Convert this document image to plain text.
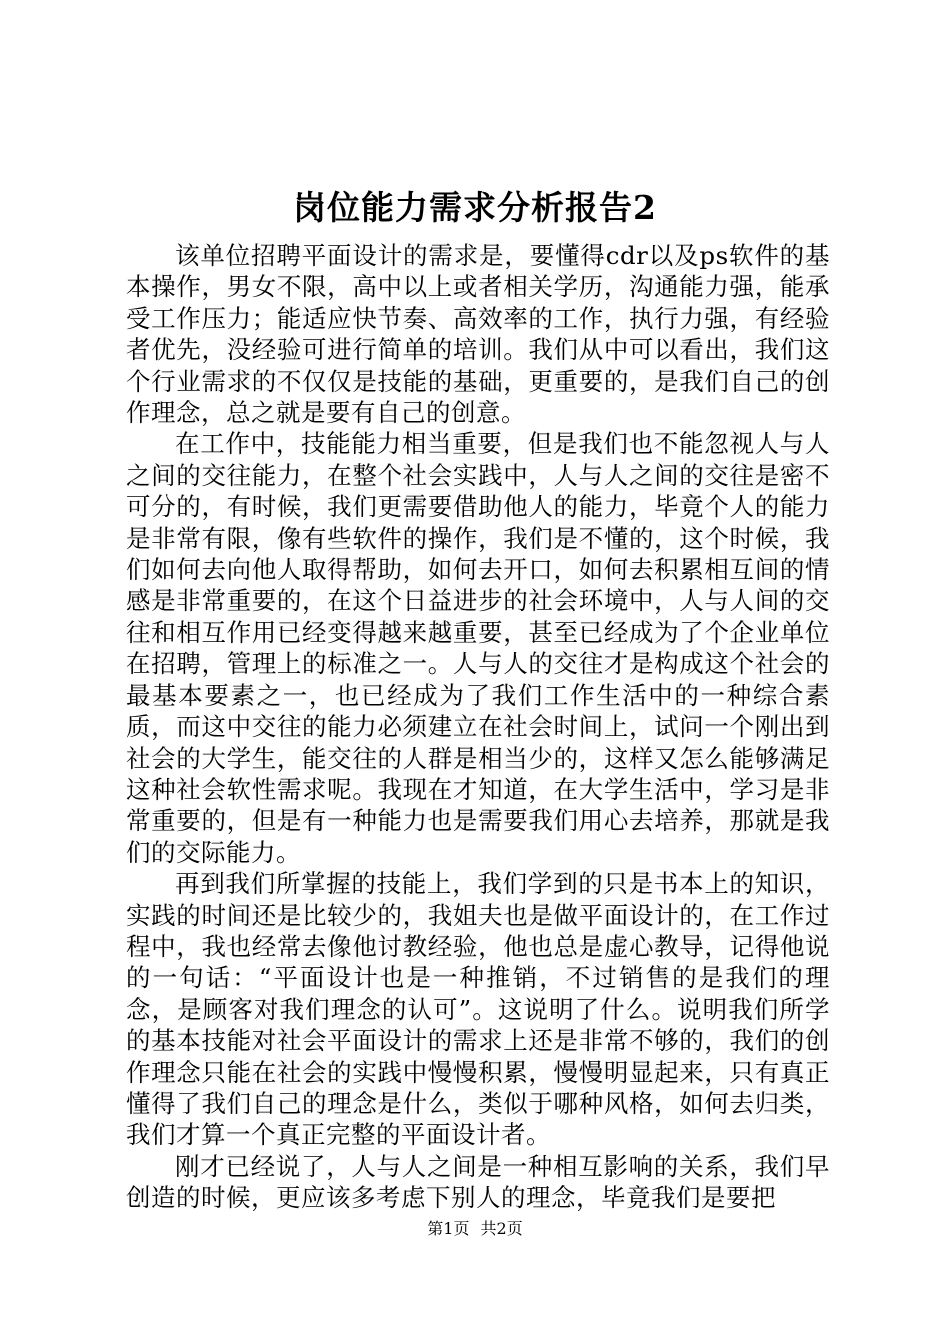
岗位能力需求分析报告2

该单位招聘平面设计的需求是，要懂得cdr以及ps软件的基本操作，男女不限，高中以上或者相关学历，沟通能力强，能承受工作压力；能适应快节奏、高效率的工作，执行力强，有经验者优先，没经验可进行简单的培训。我们从中可以看出，我们这个行业需求的不仅仅是技能的基础，更重要的，是我们自己的创作理念，总之就是要有自己的创意。

在工作中，技能能力相当重要，但是我们也不能忽视人与人之间的交往能力，在整个社会实践中，人与人之间的交往是密不可分的，有时候，我们更需要借助他人的能力，毕竟个人的能力是非常有限，像有些软件的操作，我们是不懂的，这个时候，我们如何去向他人取得帮助，如何去开口，如何去积累相互间的情感是非常重要的，在这个日益进步的社会环境中，人与人间的交往和相互作用已经变得越来越重要，甚至已经成为了个企业单位在招聘，管理上的标准之一。人与人的交往才是构成这个社会的最基本要素之一，也已经成为了我们工作生活中的一种综合素质，而这中交往的能力必须建立在社会时间上，试问一个刚出到社会的大学生，能交往的人群是相当少的，这样又怎么能够满足这种社会软性需求呢。我现在才知道，在大学生活中，学习是非常重要的，但是有一种能力也是需要我们用心去培养，那就是我们的交际能力。

再到我们所掌握的技能上，我们学到的只是书本上的知识，实践的时间还是比较少的，我姐夫也是做平面设计的，在工作过程中，我也经常去像他讨教经验，他也总是虚心教导，记得他说的一句话：“平面设计也是一种推销，不过销售的是我们的理念，是顾客对我们理念的认可”。这说明了什么。说明我们所学的基本技能对社会平面设计的需求上还是非常不够的，我们的创作理念只能在社会的实践中慢慢积累，慢慢明显起来，只有真正懂得了我们自己的理念是什么，类似于哪种风格，如何去归类，我们才算一个真正完整的平面设计者。

刚才已经说了，人与人之间是一种相互影响的关系，我们早创造的时候，更应该多考虑下别人的理念，毕竟我们是要把

第1页 共2页
